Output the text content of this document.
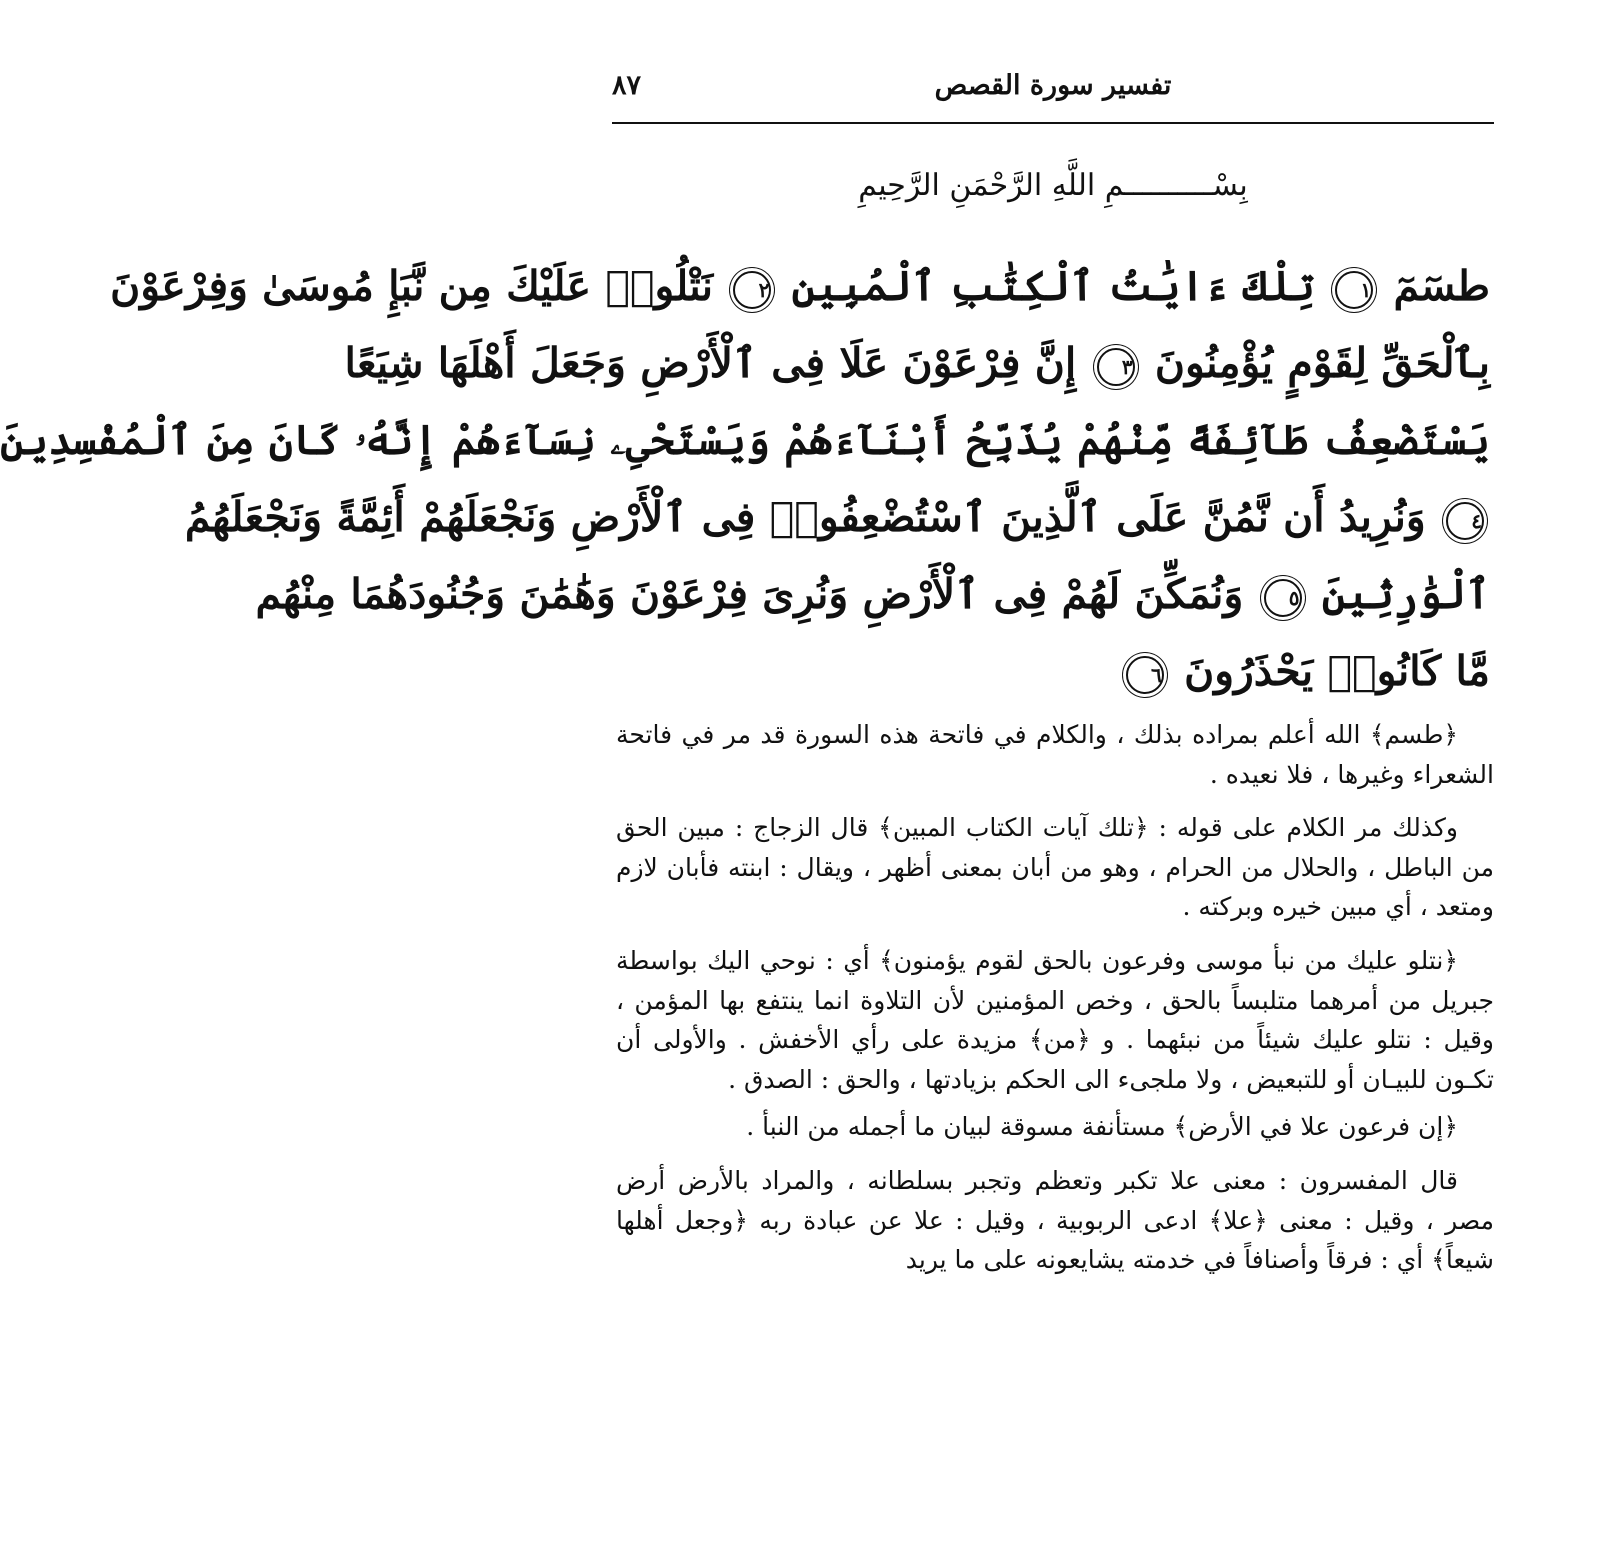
٨٧	تفسير سورة القصص
بِسْــــــــــمِ اللَّهِ الرَّحْمَنِ الرَّحِيمِ
طسٓمٓ ١ تِلْكَ ءَايَٰتُ ٱلْكِتَٰبِ ٱلْمُبِينِ ٢ نَتْلُوا۟ عَلَيْكَ مِن نَّبَإِ مُوسَىٰ وَفِرْعَوْنَ
بِٱلْحَقِّ لِقَوْمٍ يُؤْمِنُونَ ٣ إِنَّ فِرْعَوْنَ عَلَا فِى ٱلْأَرْضِ وَجَعَلَ أَهْلَهَا شِيَعًا
يَسْتَضْعِفُ طَآئِفَةً مِّنْهُمْ يُذَبِّحُ أَبْنَآءَهُمْ وَيَسْتَحْىِۦ نِسَآءَهُمْ إِنَّهُۥ كَانَ مِنَ ٱلْمُفْسِدِينَ
٤ وَنُرِيدُ أَن نَّمُنَّ عَلَى ٱلَّذِينَ ٱسْتُضْعِفُوا۟ فِى ٱلْأَرْضِ وَنَجْعَلَهُمْ أَئِمَّةً وَنَجْعَلَهُمُ
ٱلْوَٰرِثِينَ ٥ وَنُمَكِّنَ لَهُمْ فِى ٱلْأَرْضِ وَنُرِىَ فِرْعَوْنَ وَهَٰمَٰنَ وَجُنُودَهُمَا مِنْهُم
مَّا كَانُوا۟ يَحْذَرُونَ ٦

﴿طسم﴾ الله أعلم بمراده بذلك ، والكلام في فاتحة هذه السورة قد مر في فاتحة الشعراء وغيرها ، فلا نعيده .

وكذلك مر الكلام على قوله : ﴿تلك آيات الكتاب المبين﴾ قال الزجاج : مبين الحق من الباطل ، والحلال من الحرام ، وهو من أبان بمعنى أظهر ، ويقال : ابنته فأبان لازم ومتعد ، أي مبين خيره وبركته .

﴿نتلو عليك من نبأ موسى وفرعون بالحق لقوم يؤمنون﴾ أي : نوحي اليك بواسطة جبريل من أمرهما متلبساً بالحق ، وخص المؤمنين لأن التلاوة انما ينتفع بها المؤمن ، وقيل : نتلو عليك شيئاً من نبئهما . و ﴿من﴾ مزيدة على رأي الأخفش . والأولى أن تكـون للبيـان أو للتبعيض ، ولا ملجىء الى الحكم بزيادتها ، والحق : الصدق .

﴿إن فرعون علا في الأرض﴾ مستأنفة مسوقة لبيان ما أجمله من النبأ .

قال المفسرون : معنى علا تكبر وتعظم وتجبر بسلطانه ، والمراد بالأرض أرض مصر ، وقيل : معنى ﴿علا﴾ ادعى الربوبية ، وقيل : علا عن عبادة ربه ﴿وجعل أهلها شيعاً﴾ أي : فرقاً وأصنافاً في خدمته يشايعونه على ما يريد
